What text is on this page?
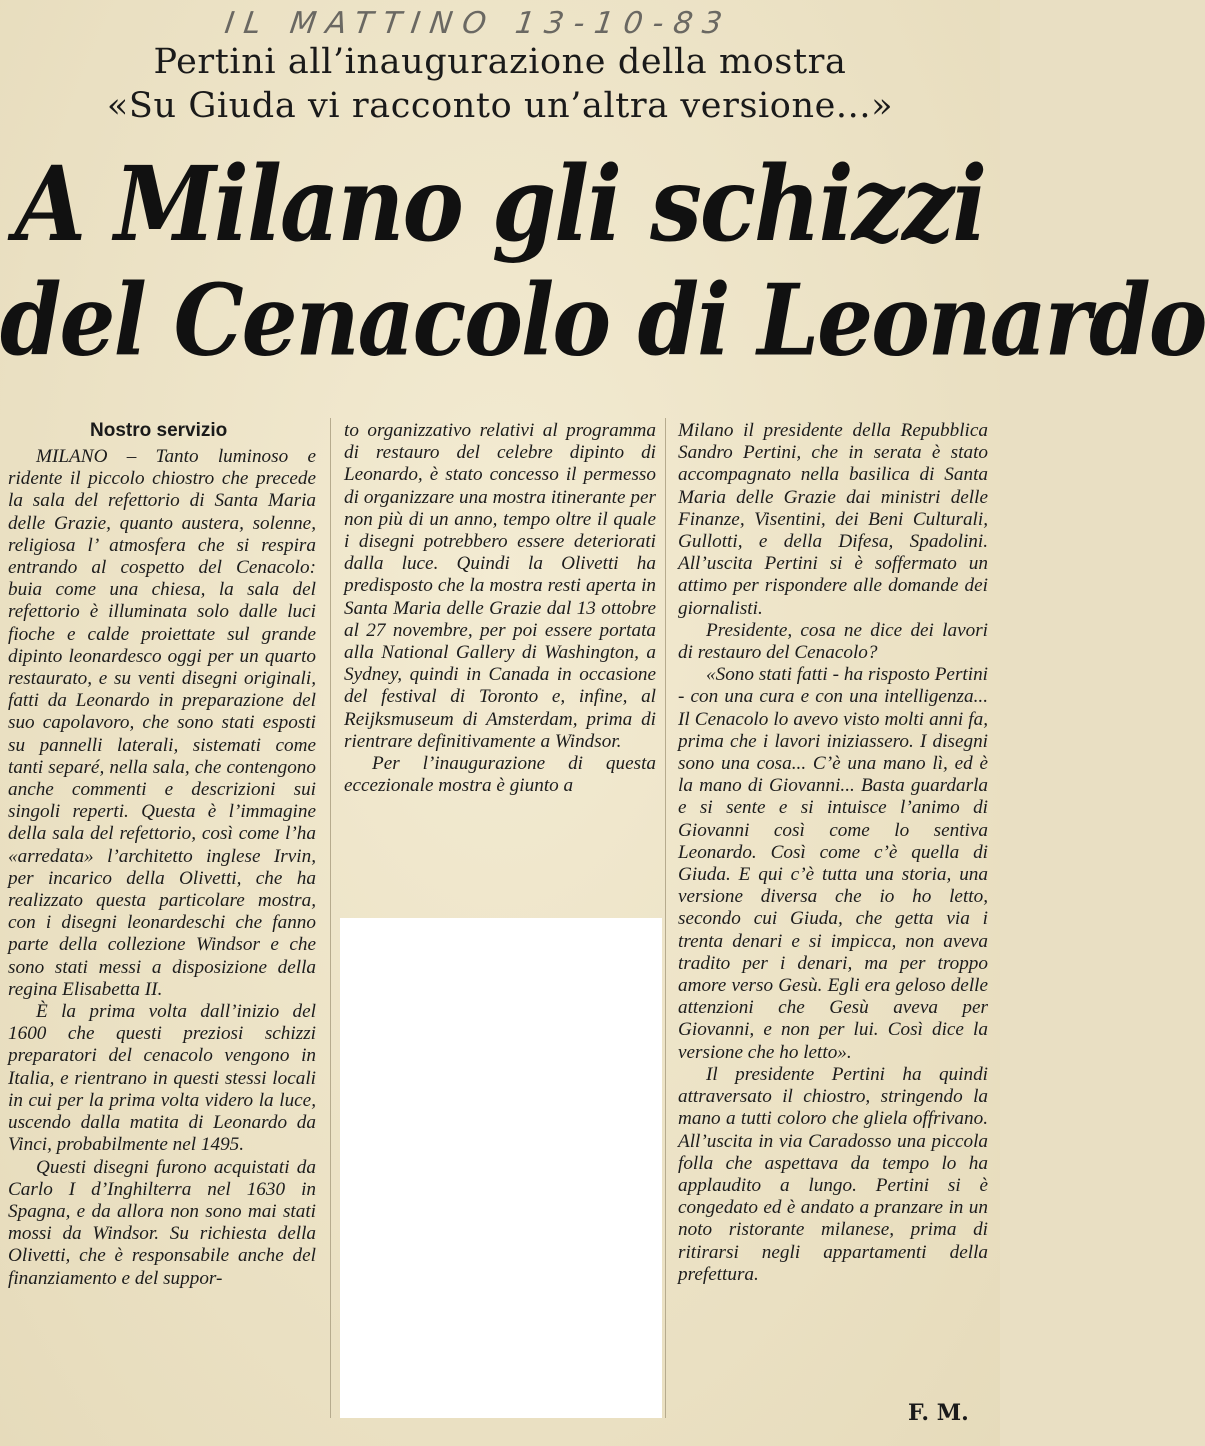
IL MATTINO 13-10-83
Pertini all’inaugurazione della mostra
«Su Giuda vi racconto un’altra versione...»
A Milano gli schizzi
del Cenacolo di Leonardo
Nostro servizio

MILANO – Tanto luminoso e ridente il piccolo chiostro che precede la sala del refettorio di Santa Maria delle Grazie, quanto austera, solenne, religiosa l’ atmosfera che si respira entrando al cospetto del Cenacolo: buia come una chiesa, la sala del refettorio è illuminata solo dalle luci fioche e calde proiettate sul grande dipinto leonardesco oggi per un quarto restaurato, e su venti disegni originali, fatti da Leonardo in preparazione del suo capolavoro, che sono stati esposti su pannelli laterali, sistemati come tanti separé, nella sala, che contengono anche commenti e descrizioni sui singoli reperti. Questa è l’immagine della sala del refettorio, così come l’ha «arredata» l’architetto inglese Irvin, per incarico della Olivetti, che ha realizzato questa particolare mostra, con i disegni leonardeschi che fanno parte della collezione Windsor e che sono stati messi a disposizione della regina Elisabetta II.

È la prima volta dall’inizio del 1600 che questi preziosi schizzi preparatori del cenacolo vengono in Italia, e rientrano in questi stessi locali in cui per la prima volta videro la luce, uscendo dalla matita di Leonardo da Vinci, probabilmente nel 1495.

Questi disegni furono acquistati da Carlo I d’Inghilterra nel 1630 in Spagna, e da allora non sono mai stati mossi da Windsor. Su richiesta della Olivetti, che è responsabile anche del finanziamento e del suppor-

to organizzativo relativi al programma di restauro del celebre dipinto di Leonardo, è stato concesso il permesso di organizzare una mostra itinerante per non più di un anno, tempo oltre il quale i disegni potrebbero essere deteriorati dalla luce. Quindi la Olivetti ha predisposto che la mostra resti aperta in Santa Maria delle Grazie dal 13 ottobre al 27 novembre, per poi essere portata alla National Gallery di Washington, a Sydney, quindi in Canada in occasione del festival di Toronto e, infine, al Reijksmuseum di Amsterdam, prima di rientrare definitivamente a Windsor.

Per l’inaugurazione di questa eccezionale mostra è giunto a

Milano il presidente della Repubblica Sandro Pertini, che in serata è stato accompagnato nella basilica di Santa Maria delle Grazie dai ministri delle Finanze, Visentini, dei Beni Culturali, Gullotti, e della Difesa, Spadolini. All’uscita Pertini si è soffermato un attimo per rispondere alle domande dei giornalisti.

Presidente, cosa ne dice dei lavori di restauro del Cenacolo?

«Sono stati fatti - ha risposto Pertini - con una cura e con una intelligenza... Il Cenacolo lo avevo visto molti anni fa, prima che i lavori iniziassero. I disegni sono una cosa... C’è una mano lì, ed è la mano di Giovanni... Basta guardarla e si sente e si intuisce l’animo di Giovanni così come lo sentiva Leonardo. Così come c’è quella di Giuda. E qui c’è tutta una storia, una versione diversa che io ho letto, secondo cui Giuda, che getta via i trenta denari e si impicca, non aveva tradito per i denari, ma per troppo amore verso Gesù. Egli era geloso delle attenzioni che Gesù aveva per Giovanni, e non per lui. Così dice la versione che ho letto».

Il presidente Pertini ha quindi attraversato il chiostro, stringendo la mano a tutti coloro che gliela offrivano. All’uscita in via Caradosso una piccola folla che aspettava da tempo lo ha applaudito a lungo. Pertini si è congedato ed è andato a pranzare in un noto ristorante milanese, prima di ritirarsi negli appartamenti della prefettura.

F. M.
